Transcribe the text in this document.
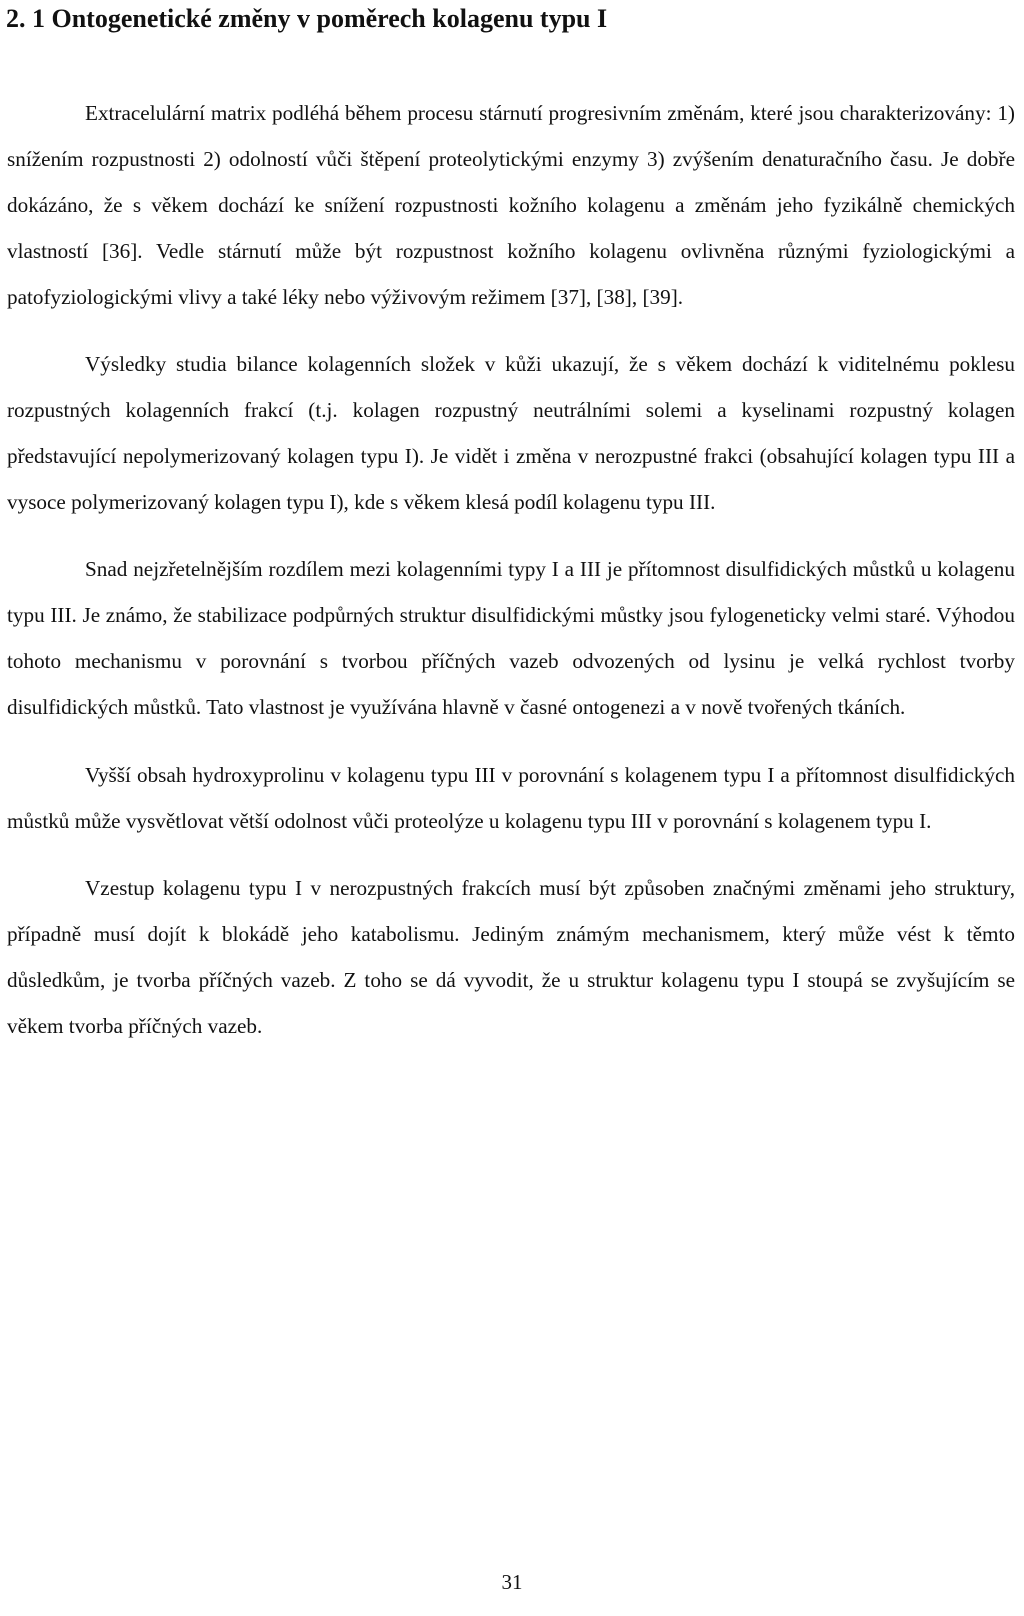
2. 1 Ontogenetické změny v poměrech kolagenu typu I

Extracelulární matrix podléhá během procesu stárnutí progresivním změnám, které jsou charakterizovány: 1) snížením rozpustnosti 2) odolností vůči štěpení proteolytickými enzymy 3) zvýšením denaturačního času. Je dobře dokázáno, že s věkem dochází ke snížení rozpustnosti kožního kolagenu a změnám jeho fyzikálně chemických vlastností [36]. Vedle stárnutí může být rozpustnost kožního kolagenu ovlivněna různými fyziologickými a patofyziologickými vlivy a také léky nebo výživovým režimem [37], [38], [39].

Výsledky studia bilance kolagenních složek v kůži ukazují, že s věkem dochází k viditelnému poklesu rozpustných kolagenních frakcí (t.j. kolagen rozpustný neutrálními solemi a kyselinami rozpustný kolagen představující nepolymerizovaný kolagen typu I). Je vidět i změna v nerozpustné frakci (obsahující kolagen typu III a vysoce polymerizovaný kolagen typu I), kde s věkem klesá podíl kolagenu typu III.

Snad nejzřetelnějším rozdílem mezi kolagenními typy I a III je přítomnost disulfidických můstků u kolagenu typu III. Je známo, že stabilizace podpůrných struktur disulfidickými můstky jsou fylogeneticky velmi staré. Výhodou tohoto mechanismu v porovnání s tvorbou příčných vazeb odvozených od lysinu je velká rychlost tvorby disulfidických můstků. Tato vlastnost je využívána hlavně v časné ontogenezi a v nově tvořených tkáních.

Vyšší obsah hydroxyprolinu v kolagenu typu III v porovnání s kolagenem typu I a přítomnost disulfidických můstků může vysvětlovat větší odolnost vůči proteolýze u kolagenu typu III v porovnání s kolagenem typu I.

Vzestup kolagenu typu I v nerozpustných frakcích musí být způsoben značnými změnami jeho struktury, případně musí dojít k blokádě jeho katabolismu. Jediným známým mechanismem, který může vést k těmto důsledkům, je tvorba příčných vazeb. Z toho se dá vyvodit, že u struktur kolagenu typu I stoupá se zvyšujícím se věkem tvorba příčných vazeb.

31
